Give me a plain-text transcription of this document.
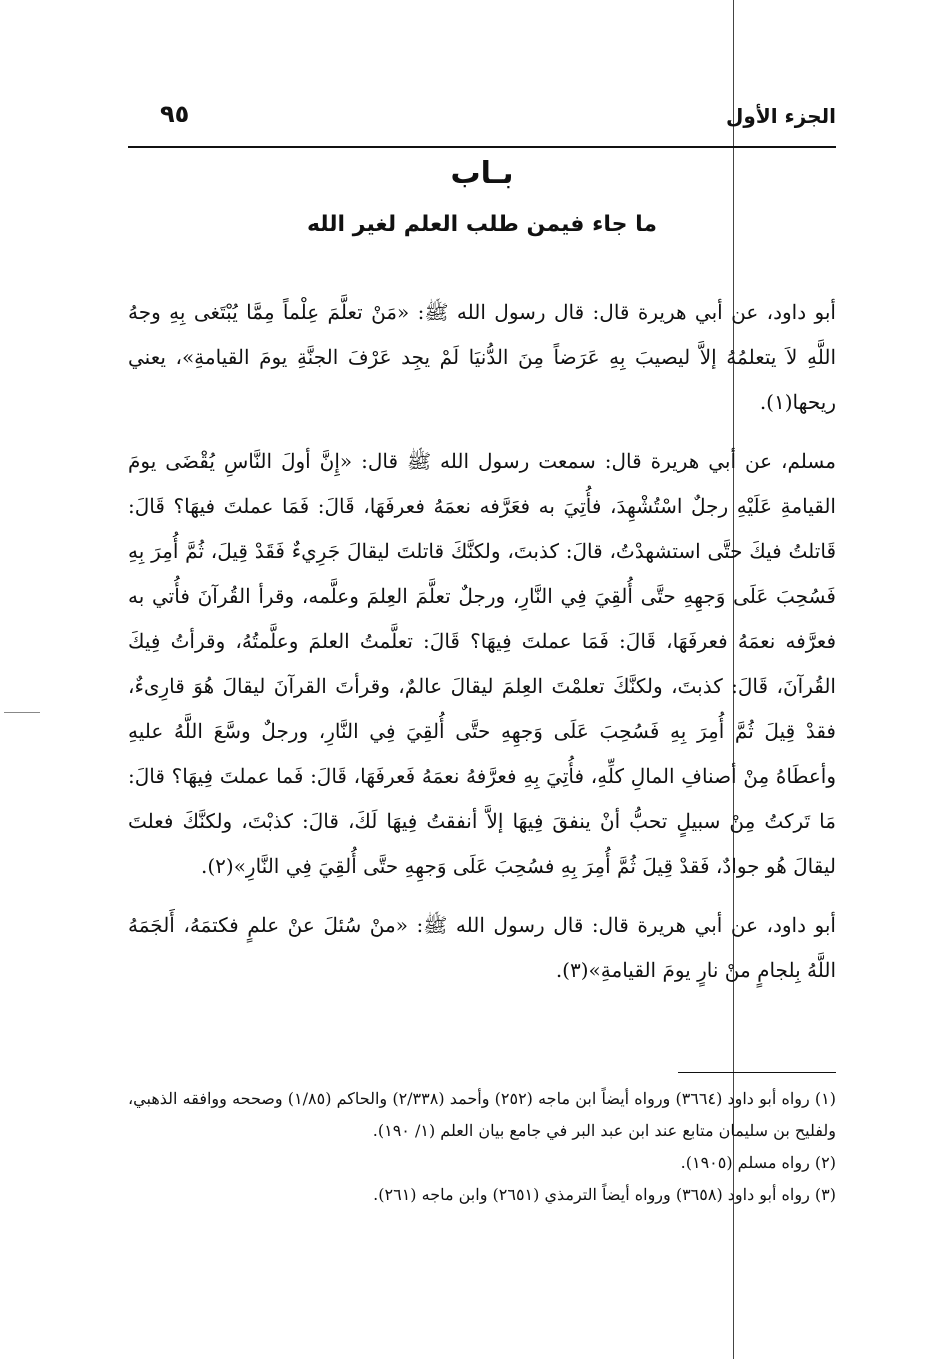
الجزء الأول
٩٥
بـاب
ما جاء فيمن طلب العلم لغير الله

أبو داود، عن أبي هريرة قال: قال رسول الله ﷺ: «مَنْ تعلَّمَ عِلْماً مِمَّا يُبْتَغى بِهِ وجهُ اللَّهِ لاَ يتعلمُهُ إلاَّ ليصيبَ بِهِ عَرَضاً مِنَ الدُّنيَا لَمْ يجِد عَرْفَ الجنَّةِ يومَ القيامةِ»، يعني ريحها(١).

مسلم، عن أبي هريرة قال: سمعت رسول الله ﷺ قال: «إِنَّ أولَ النَّاسِ يُقْضَى يومَ القيامةِ عَلَيْهِ رجلٌ اسْتُشْهِدَ، فأُتِيَ به فعَرَّفه نعمَهُ فعرفَهَا، قَالَ: فَمَا عملتَ فيهَا؟ قَالَ: قَاتلتُ فيكَ حتَّى استشهدْتُ، قالَ: كذبتَ، ولكنَّكَ قاتلتَ ليقالَ جَرِيءٌ فَقَدْ قِيلَ، ثُمَّ أُمِرَ بِهِ فَسُحِبَ عَلَى وَجهِهِ حتَّى أُلقِيَ فِي النَّارِ، ورجلٌ تعلَّمَ العِلمَ وعلَّمه، وقرأ القُرآنَ فأُتي به فعرَّفه نعمَهُ فعرفَهَا، قَالَ: فَمَا عملتَ فِيهَا؟ قَالَ: تعلَّمتُ العلمَ وعلَّمتُهُ، وقرأتُ فِيكَ القُرآنَ، قَالَ: كذبتَ، ولكنَّكَ تعلمْتَ العِلمَ ليقالَ عالمٌ، وقرأتَ القرآنَ ليقالَ هُوَ قارِىءٌ، فقدْ قِيلَ ثُمَّ أُمِرَ بِهِ فَسُحِبَ عَلَى وَجهِهِ حتَّى أُلقِيَ فِي النَّارِ، ورجلٌ وسَّعَ اللَّهُ عليهِ وأعطَاهُ مِنْ أصنافِ المالِ كلِّهِ، فأُتِيَ بِهِ فعرَّفهُ نعمَهُ فَعرفَهَا، قَالَ: فَما عملتَ فِيهَا؟ قالَ: مَا تَركتُ مِنْ سبيلٍ تحبُّ أنْ ينفقَ فِيهَا إلاَّ أنفقتُ فِيهَا لَكَ، قالَ: كذبْتَ، ولكنَّكَ فعلتَ ليقالَ هُو جوادٌ، فَقدْ قِيلَ ثُمَّ أُمِرَ بِهِ فسُحِبَ عَلَى وَجهِهِ حتَّى أُلقِيَ فِي النَّارِ»(٢).

أبو داود، عن أبي هريرة قال: قال رسول الله ﷺ: «منْ سُئلَ عنْ علمٍ فكتمَهُ، أَلجَمَهُ اللَّهُ بِلجامٍ منْ نارٍ يومَ القيامةِ»(٣).

(١) رواه أبو داود (٣٦٦٤) ورواه أيضاً ابن ماجه (٢٥٢) وأحمد (٢/٣٣٨) والحاكم (١/٨٥) وصححه ووافقه الذهبي، ولفليح بن سليمان متابع عند ابن عبد البر في جامع بيان العلم (١/ ١٩٠).

(٢) رواه مسلم (١٩٠٥).

(٣) رواه أبو داود (٣٦٥٨) ورواه أيضاً الترمذي (٢٦٥١) وابن ماجه (٢٦١).
